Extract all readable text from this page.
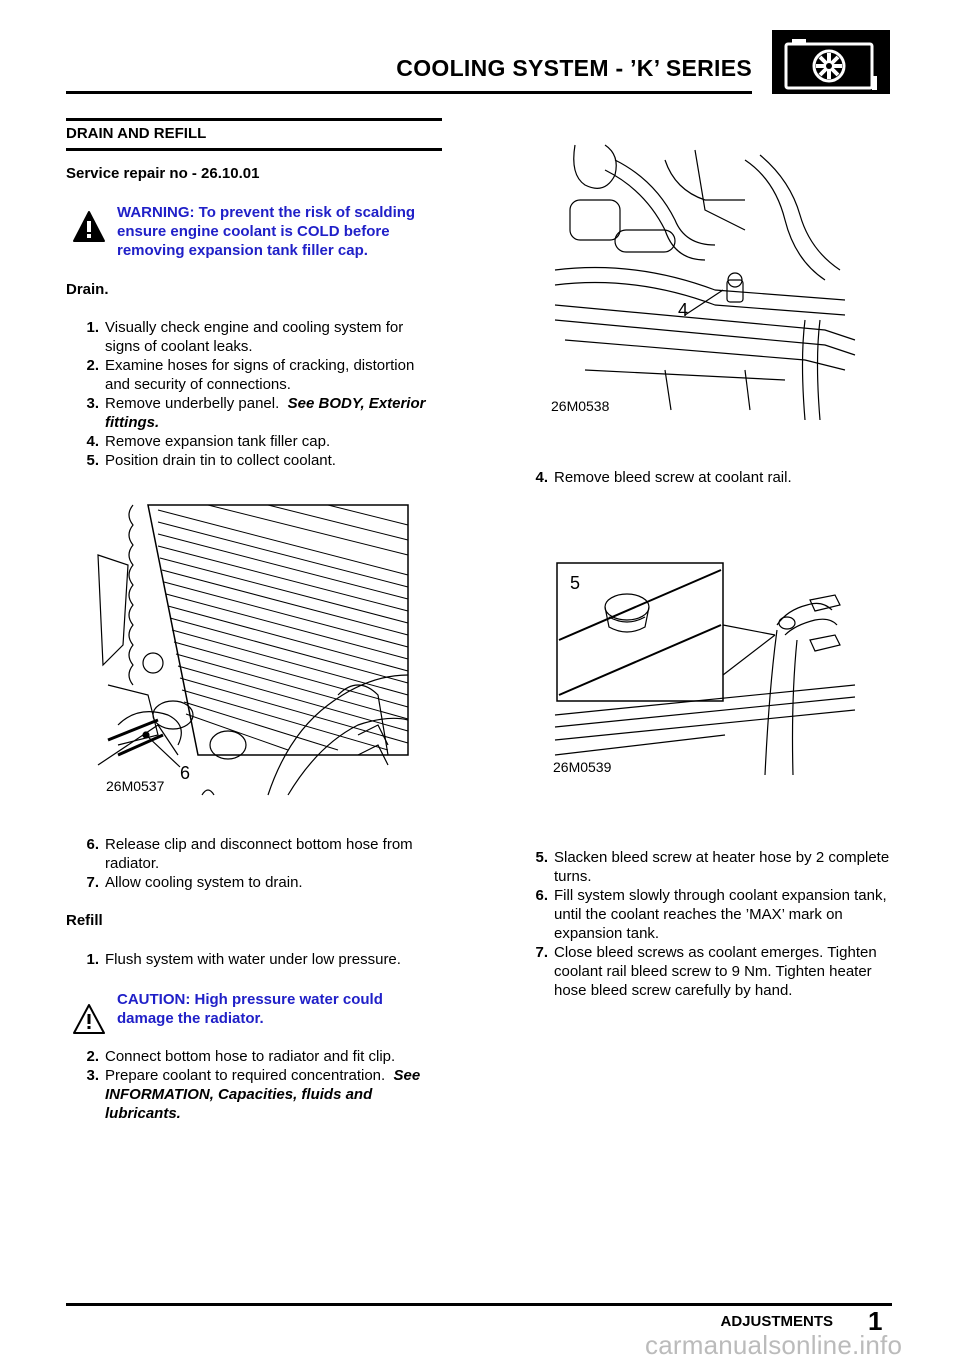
COOLING SYSTEM - ’K’ SERIES
DRAIN AND REFILL
Service repair no - 26.10.01
WARNING: To prevent the risk of scalding ensure engine coolant is COLD before removing expansion tank filler cap.
Drain.
1. Visually check engine and cooling system for signs of coolant leaks.
2. Examine hoses for signs of cracking, distortion and security of connections.
3. Remove underbelly panel. See BODY, Exterior fittings.
4. Remove expansion tank filler cap.
5. Position drain tin to collect coolant.
26M0537
6
6. Release clip and disconnect bottom hose from radiator.
7. Allow cooling system to drain.
Refill
1. Flush system with water under low pressure.
CAUTION: High pressure water could damage the radiator.
2. Connect bottom hose to radiator and fit clip.
3. Prepare coolant to required concentration. See INFORMATION, Capacities, fluids and lubricants.
26M0538
4
4. Remove bleed screw at coolant rail.
5
26M0539
5. Slacken bleed screw at heater hose by 2 complete turns.
6. Fill system slowly through coolant expansion tank, until the coolant reaches the ’MAX’ mark on expansion tank.
7. Close bleed screws as coolant emerges. Tighten coolant rail bleed screw to 9 Nm. Tighten heater hose bleed screw carefully by hand.
ADJUSTMENTS 1
carmanualsonline.info
